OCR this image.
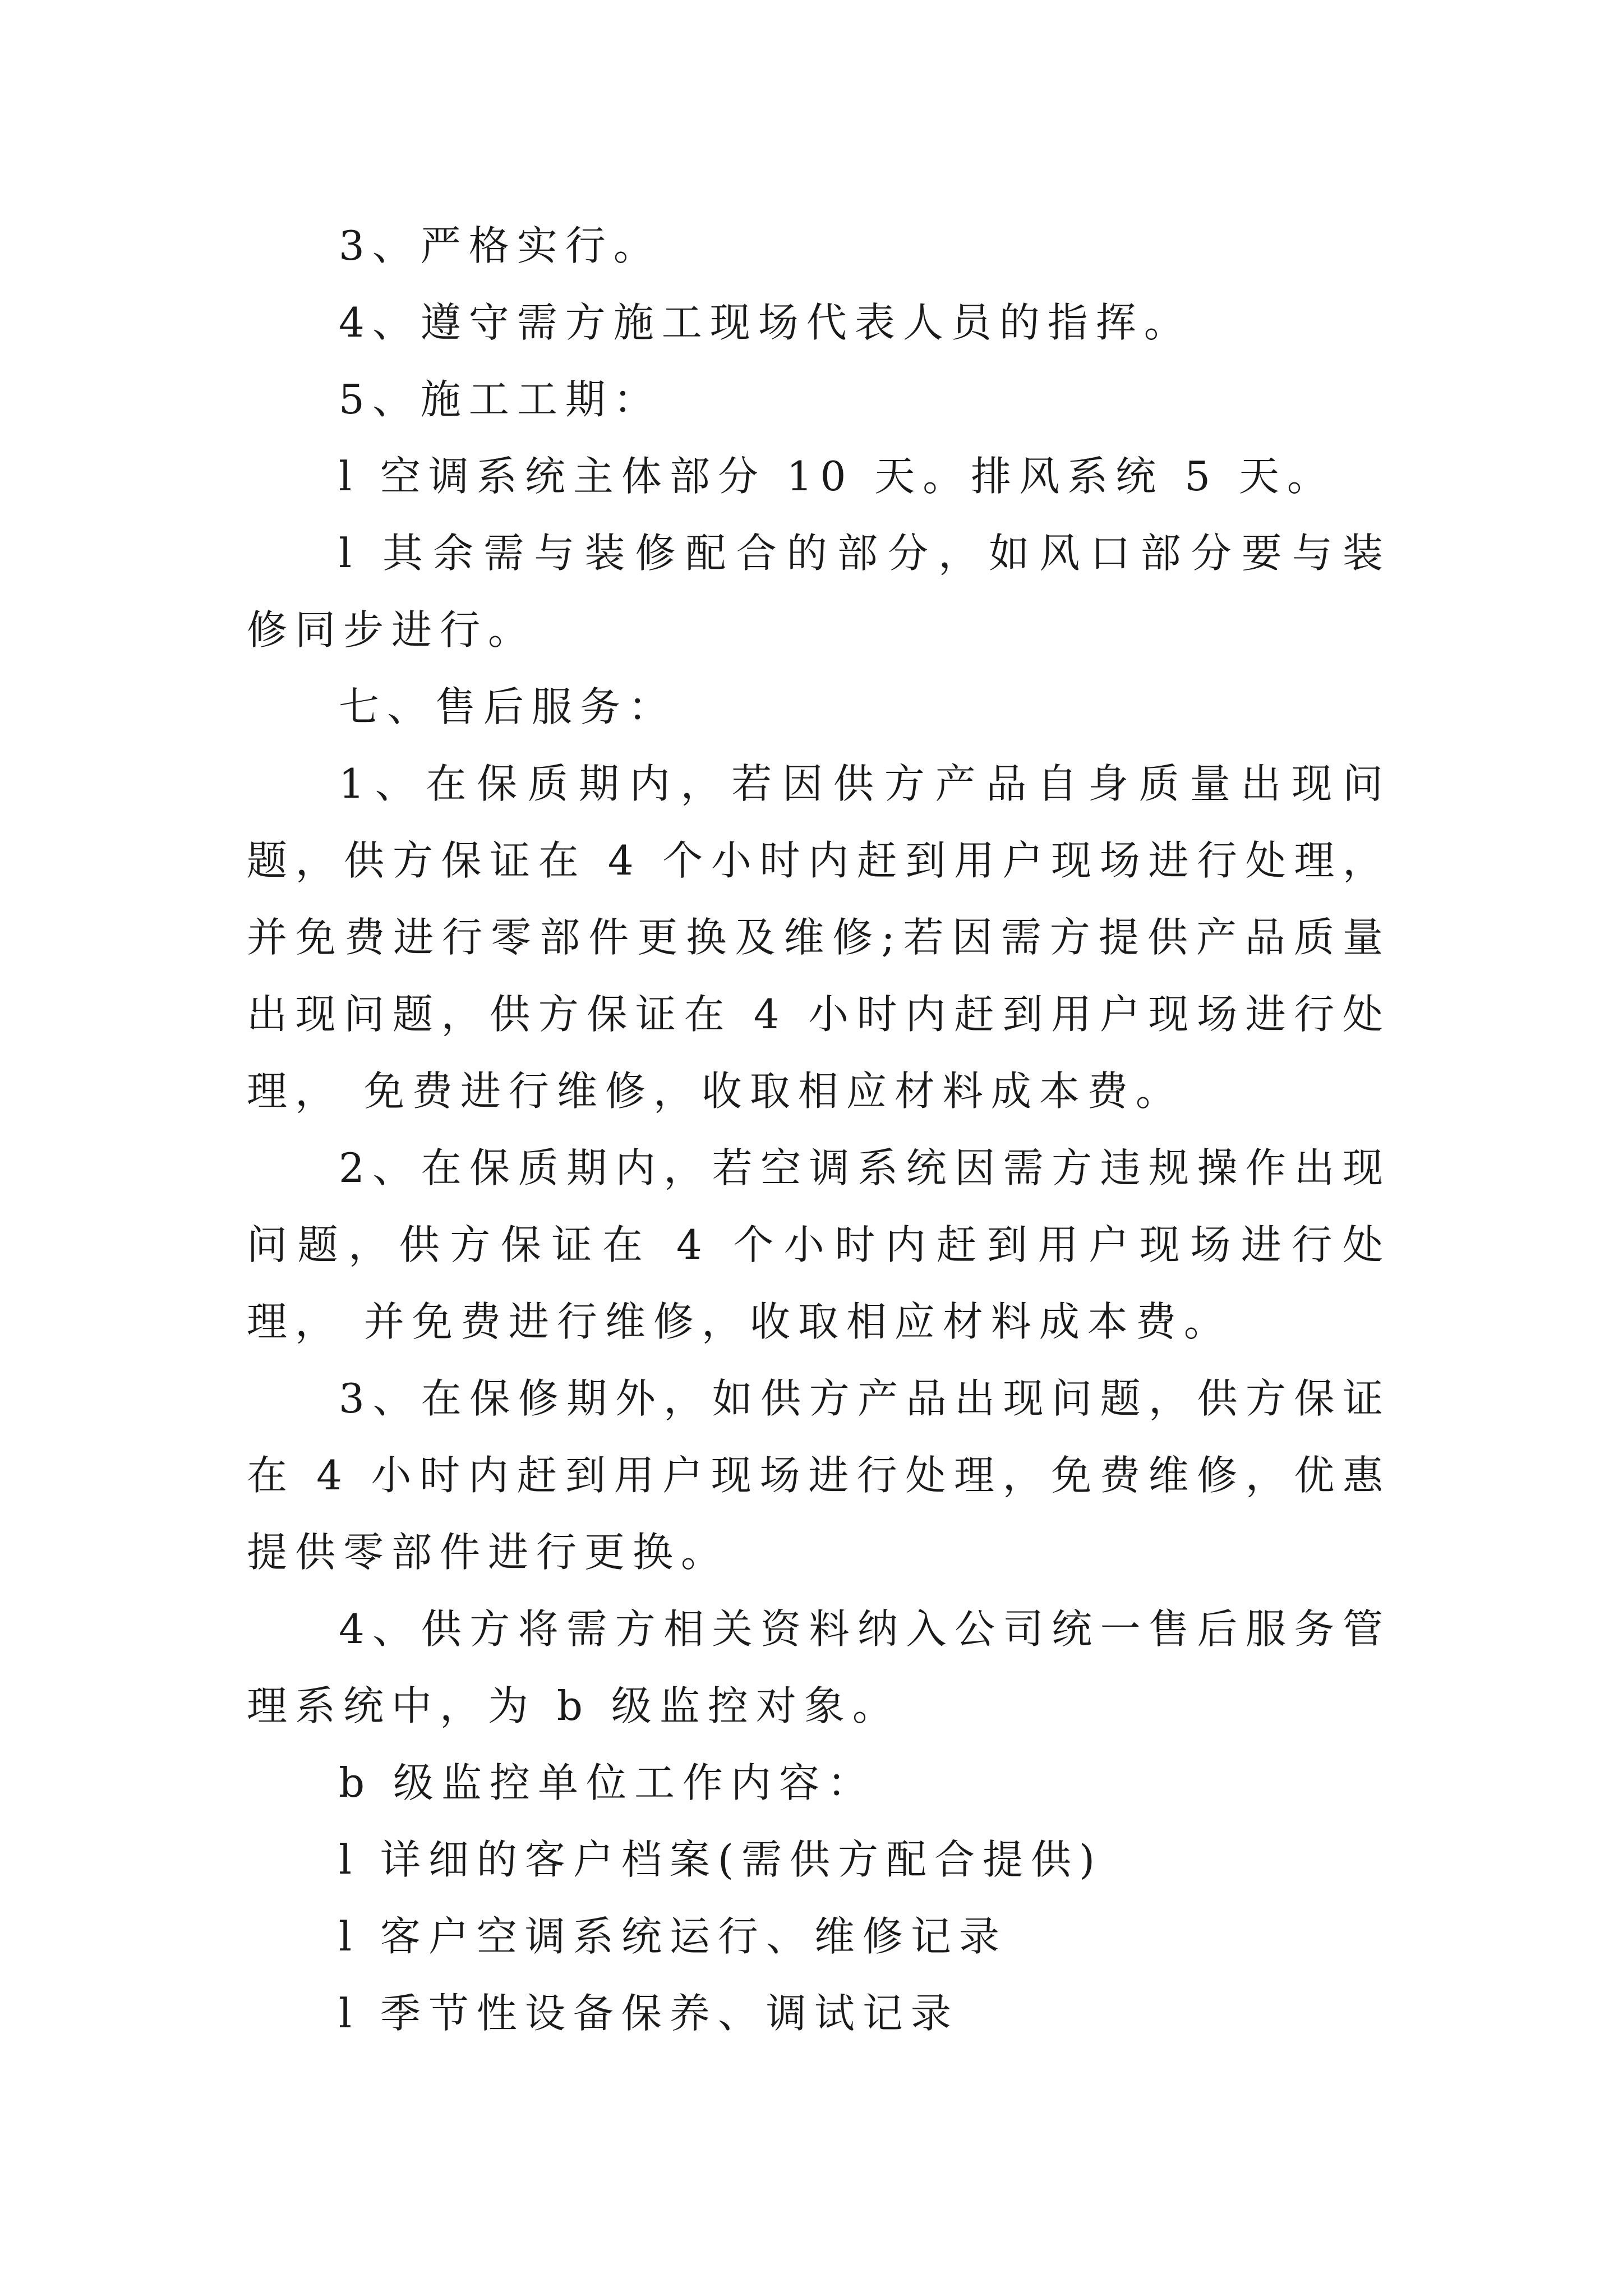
3、严格实行。

4、遵守需方施工现场代表人员的指挥。

5、施工工期：

l 空调系统主体部分 10 天。排风系统 5 天。

l 其余需与装修配合的部分，如风口部分要与装修同步进行。

七、售后服务：

1、在保质期内，若因供方产品自身质量出现问题，供方保证在 4 个小时内赶到用户现场进行处理， 并免费进行零部件更换及维修;若因需方提供产品质量出现问题，供方保证在 4 小时内赶到用户现场进行处理， 免费进行维修，收取相应材料成本费。

2、在保质期内，若空调系统因需方违规操作出现问题，供方保证在 4 个小时内赶到用户现场进行处理， 并免费进行维修，收取相应材料成本费。

3、在保修期外，如供方产品出现问题，供方保证在 4 小时内赶到用户现场进行处理，免费维修，优惠提供零部件进行更换。

4、供方将需方相关资料纳入公司统一售后服务管理系统中，为 b 级监控对象。

b 级监控单位工作内容：

l 详细的客户档案(需供方配合提供)

l 客户空调系统运行、维修记录

l 季节性设备保养、调试记录
